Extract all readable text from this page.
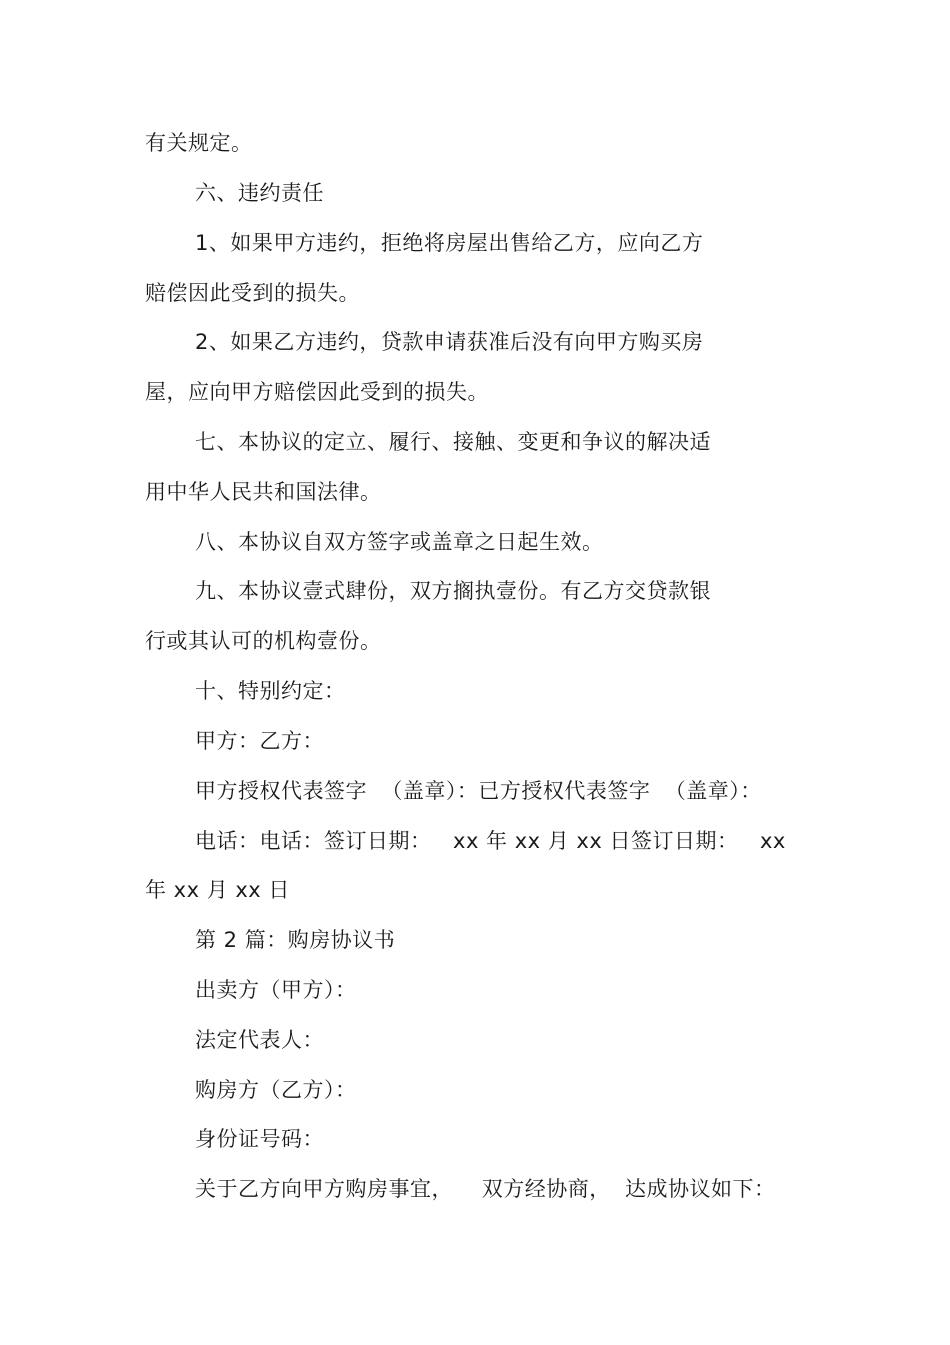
有关规定。
六、违约责任
1、如果甲方违约，拒绝将房屋出售给乙方，应向乙方
赔偿因此受到的损失。
2、如果乙方违约，贷款申请获准后没有向甲方购买房
屋，应向甲方赔偿因此受到的损失。
七、本协议的定立、履行、接触、变更和争议的解决适
用中华人民共和国法律。
八、本协议自双方签字或盖章之日起生效。
九、本协议壹式肆份，双方搁执壹份。有乙方交贷款银
行或其认可的机构壹份。
十、特别约定：
甲方：乙方：
甲方授权代表签字  （盖章）：已方授权代表签字  （盖章）：
电话：电话：签订日期：   xx 年 xx 月 xx 日签订日期：   xx
年 xx 月 xx 日
第 2 篇：购房协议书
出卖方（甲方）：
法定代表人：
购房方（乙方）：
身份证号码：
关于乙方向甲方购房事宜，    双方经协商，  达成协议如下：
